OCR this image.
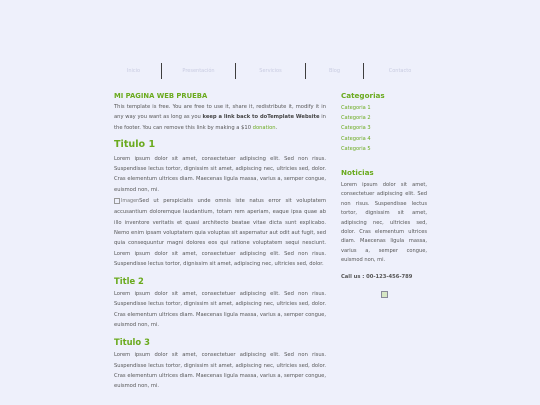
Inicio	Presentación	Servicios	Blog	Contacto
MI PAGINA WEB PRUEBA

This template is free. You are free to use it, share it, redistribute it, modify it in any way you want as long as you keep a link back to doTemplate Website in the footer. You can remove this link by making a $10 donation.

Titulo 1

Lorem ipsum dolor sit amet, consectetuer adipiscing elit. Sed non risus. Suspendisse lectus tortor, dignissim sit amet, adipiscing nec, ultricies sed, dolor. Cras elementum ultrices diam. Maecenas ligula massa, varius a, semper congue, euismod non, mi.

ImagenSed ut perspiciatis unde omnis iste natus error sit voluptatem accusantium doloremque laudantium, totam rem aperiam, eaque ipsa quae ab illo inventore veritatis et quasi architecto beatae vitae dicta sunt explicabo. Nemo enim ipsam voluptatem quia voluptas sit aspernatur aut odit aut fugit, sed quia consequuntur magni dolores eos qui ratione voluptatem sequi nesciunt. Lorem ipsum dolor sit amet, consectetuer adipiscing elit. Sed non risus. Suspendisse lectus tortor, dignissim sit amet, adipiscing nec, ultricies sed, dolor.

Title 2

Lorem ipsum dolor sit amet, consectetuer adipiscing elit. Sed non risus. Suspendisse lectus tortor, dignissim sit amet, adipiscing nec, ultricies sed, dolor. Cras elementum ultrices diam. Maecenas ligula massa, varius a, semper congue, euismod non, mi.

Titulo 3

Lorem ipsum dolor sit amet, consectetuer adipiscing elit. Sed non risus. Suspendisse lectus tortor, dignissim sit amet, adipiscing nec, ultricies sed, dolor. Cras elementum ultrices diam. Maecenas ligula massa, varius a, semper congue, euismod non, mi.

Categorias
Categoria 1
Categoria 2
Categoria 3
Categoria 4
Categoria 5
Noticias

Lorem ipsum dolor sit amet, consectetuer adipiscing elit. Sed non risus. Suspendisse lectus tortor, dignissim sit amet, adipiscing nec, ultricies sed, dolor. Cras elementum ultrices diam. Maecenas ligula massa, varius a, semper congue, euismod non, mi.

Call us : 00-123-456-789
